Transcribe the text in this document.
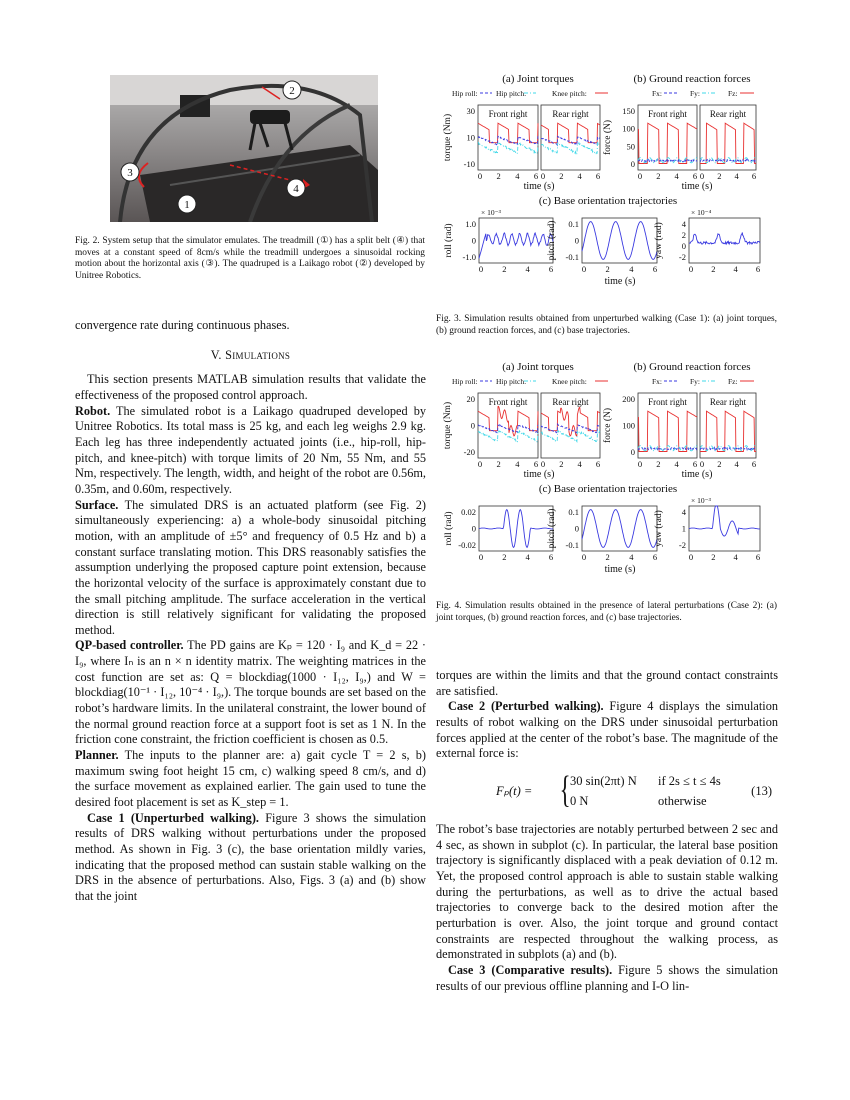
2
3
4
1
Fig. 2. System setup that the simulator emulates. The treadmill (①) has a split belt (④) that moves at a constant speed of 8cm/s while the treadmill undergoes a sinusoidal rocking motion about the horizontal axis (③). The quadruped is a Laikago robot (②) developed by Unitree Robotics.

convergence rate during continuous phases.

V. Simulations

This section presents MATLAB simulation results that validate the effectiveness of the proposed control approach.

Robot. The simulated robot is a Laikago quadruped developed by Unitree Robotics. Its total mass is 25 kg, and each leg weighs 2.9 kg. Each leg has three independently actuated joints (i.e., hip-roll, hip-pitch, and knee-pitch) with torque limits of 20 Nm, 55 Nm, and 55 Nm, respectively. The length, width, and height of the robot are 0.56m, 0.35m, and 0.60m, respectively.

Surface. The simulated DRS is an actuated platform (see Fig. 2) simultaneously experiencing: a) a whole-body sinusoidal pitching motion, with an amplitude of ±5° and frequency of 0.5 Hz and b) a constant surface translating motion. This DRS reasonably satisfies the assumption underlying the proposed capture point extension, because the horizontal velocity of the surface is approximately constant due to the small pitching amplitude. The surface acceleration in the vertical direction is still relatively significant for validating the proposed method.

QP-based controller. The PD gains are Kₚ = 120 · I₉ and K_d = 22 · I₉, where Iₙ is an n × n identity matrix. The weighting matrices in the cost function are set as: Q = blockdiag(1000 · I₁₂, I₉,) and W = blockdiag(10⁻¹ · I₁₂, 10⁻⁴ · I₉,). The torque bounds are set based on the robot’s hardware limits. In the unilateral constraint, the lower bound of the normal ground reaction force at a support foot is set as 1 N. In the friction cone constraint, the friction coefficient is chosen as 0.5.

Planner. The inputs to the planner are: a) gait cycle T = 2 s, b) maximum swing foot height 15 cm, c) walking speed 8 cm/s, and d) the surface movement as explained earlier. The gain used to tune the desired foot placement is set as K_step = 1.

Case 1 (Unperturbed walking). Figure 3 shows the simulation results of DRS walking without perturbations under the proposed method. As shown in Fig. 3 (c), the base orientation mildly varies, indicating that the proposed method can sustain stable walking on the DRS in the absence of perturbations. Also, Figs. 3 (a) and (b) show that the joint

(a) Joint torques	(b) Ground reaction forces
Hip roll: Hip pitch:	Knee pitch:	Fx:	Fy:	Fz:
30
10
-10
torque (Nm)
0 2 4 6
Front right
0 2 4 6
Rear right
time (s)
150
100
50
0
force (N)
0 2 4 6
Front right
0 2 4 6
Rear right
time (s)
(c) Base orientation trajectories
1.0
0
-1.0
roll (rad)
0 2 4 6
× 10⁻³
0.1
0
-0.1
pitch (rad)
0 2 4 6
4
2
0
-2
yaw (rad)
0 2 4 6
× 10⁻⁴
time (s)
Fig. 3. Simulation results obtained from unperturbed walking (Case 1): (a) joint torques, (b) ground reaction forces, and (c) base trajectories.
(a) Joint torques	(b) Ground reaction forces
Hip roll: Hip pitch:	Knee pitch:	Fx:	Fy:	Fz:
20
0
-20
torque (Nm)
0 2 4 6
Front right
0 2 4 6
Rear right
time (s)
200
100
0
force (N)
0 2 4 6
Front right
0 2 4 6
Rear right
time (s)
(c) Base orientation trajectories
0.02
0
-0.02
roll (rad)
0 2 4 6
0.1
0
-0.1
pitch (rad)
0 2 4 6
4
1
-2
yaw (rad)
0 2 4 6
× 10⁻³
time (s)
Fig. 4. Simulation results obtained in the presence of lateral perturbations (Case 2): (a) joint torques, (b) ground reaction forces, and (c) base trajectories.

torques are within the limits and that the ground contact constraints are satisfied.

Case 2 (Perturbed walking). Figure 4 displays the simulation results of robot walking on the DRS under sinusoidal perturbation forces applied at the center of the robot’s base. The magnitude of the external force is:

Fₚ(t) = { 30 sin(2πt) N if 2s ≤ t ≤ 4s
0 N	otherwise
(13)

The robot’s base trajectories are notably perturbed between 2 sec and 4 sec, as shown in subplot (c). In particular, the lateral base position trajectory is significantly displaced with a peak deviation of 0.12 m. Yet, the proposed control approach is able to sustain stable walking during the perturbations, as well as to drive the actual based trajectories to converge back to the desired motion after the perturbation is over. Also, the joint torque and ground contact constraints are respected throughout the walking process, as demonstrated in subplots (a) and (b).

Case 3 (Comparative results). Figure 5 shows the simulation results of our previous offline planning and I-O lin-
